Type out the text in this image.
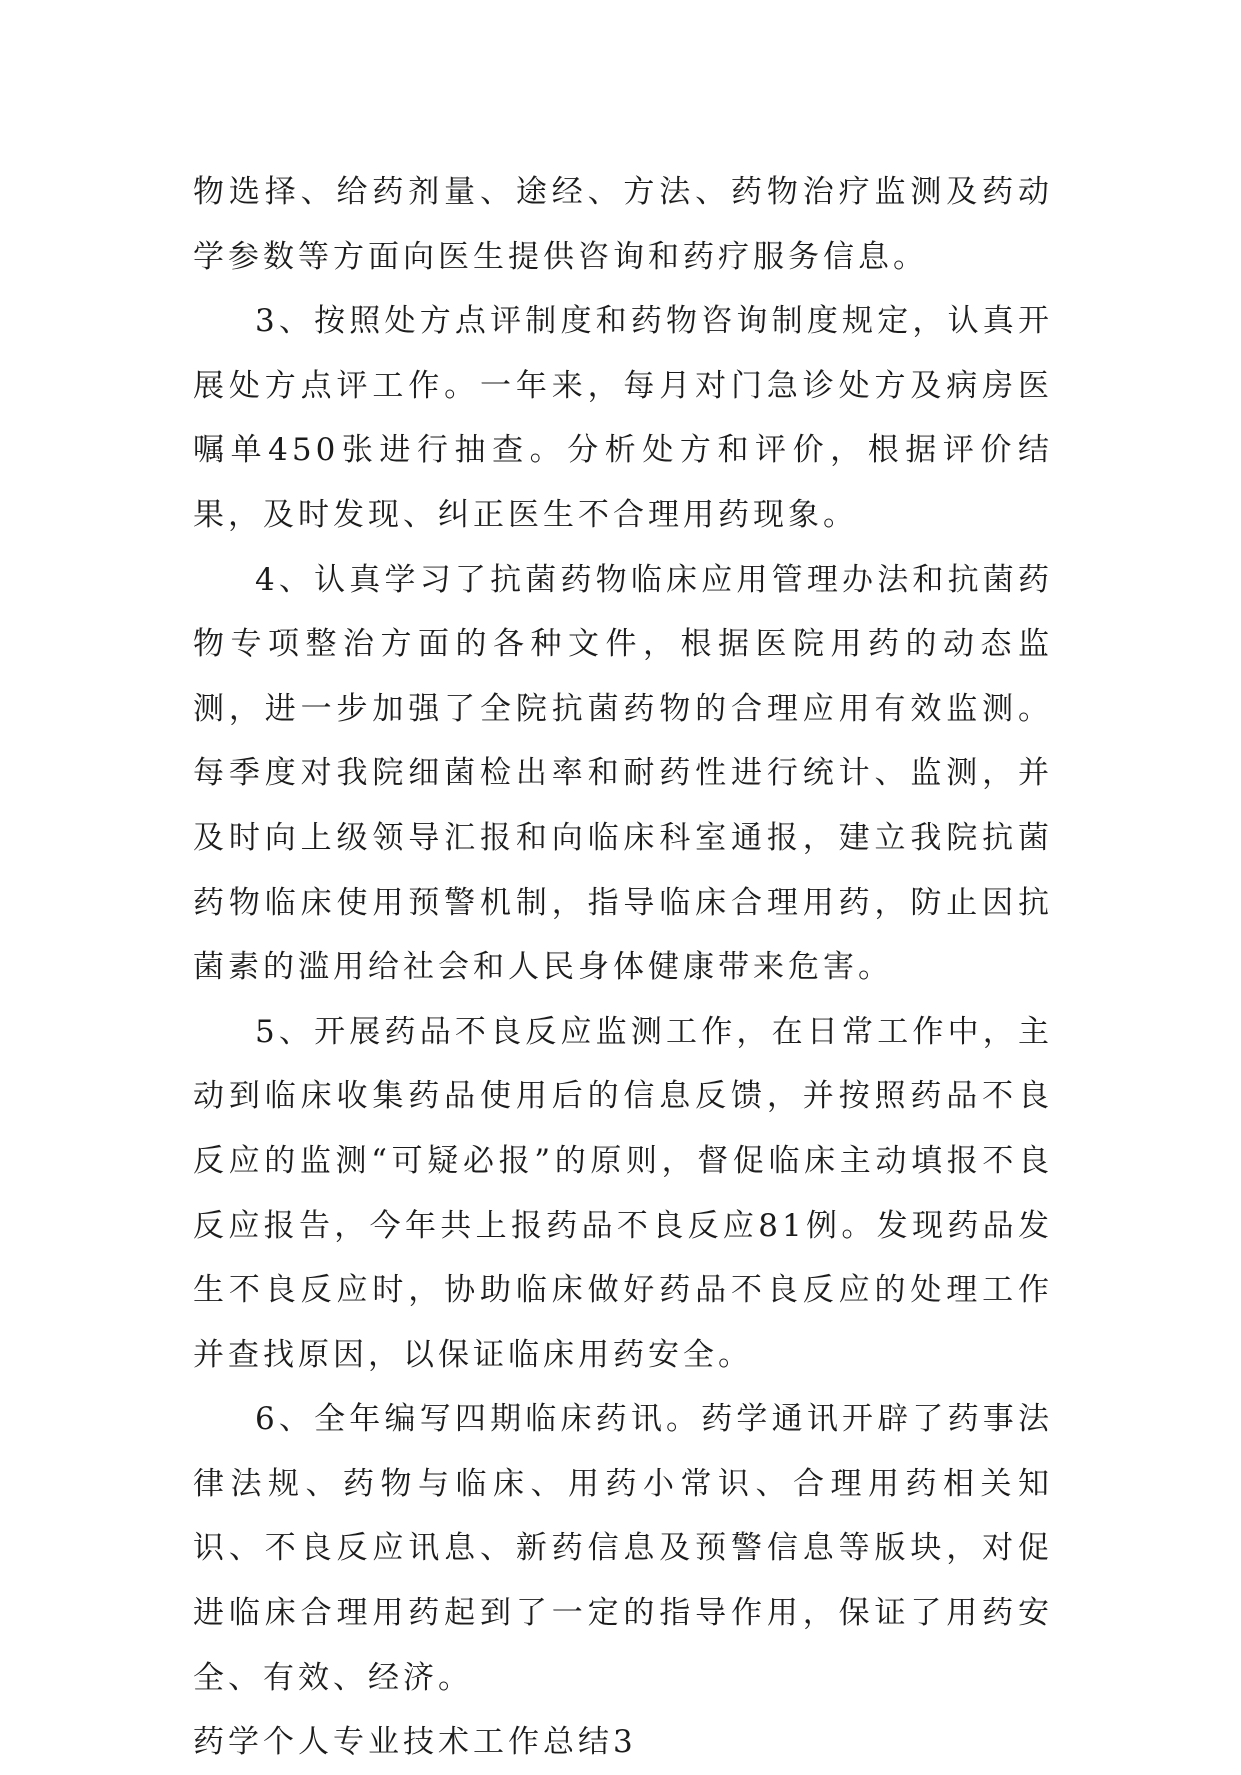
物选择、给药剂量、途经、方法、药物治疗监测及药动学参数等方面向医生提供咨询和药疗服务信息。

3、按照处方点评制度和药物咨询制度规定，认真开展处方点评工作。一年来，每月对门急诊处方及病房医嘱单450张进行抽查。分析处方和评价，根据评价结果，及时发现、纠正医生不合理用药现象。

4、认真学习了抗菌药物临床应用管理办法和抗菌药物专项整治方面的各种文件，根据医院用药的动态监测，进一步加强了全院抗菌药物的合理应用有效监测。每季度对我院细菌检出率和耐药性进行统计、监测，并及时向上级领导汇报和向临床科室通报，建立我院抗菌药物临床使用预警机制，指导临床合理用药，防止因抗菌素的滥用给社会和人民身体健康带来危害。

5、开展药品不良反应监测工作，在日常工作中，主动到临床收集药品使用后的信息反馈，并按照药品不良反应的监测“可疑必报”的原则，督促临床主动填报不良反应报告，今年共上报药品不良反应81例。发现药品发生不良反应时，协助临床做好药品不良反应的处理工作并查找原因，以保证临床用药安全。

6、全年编写四期临床药讯。药学通讯开辟了药事法律法规、药物与临床、用药小常识、合理用药相关知识、不良反应讯息、新药信息及预警信息等版块，对促进临床合理用药起到了一定的指导作用，保证了用药安全、有效、经济。

药学个人专业技术工作总结3
